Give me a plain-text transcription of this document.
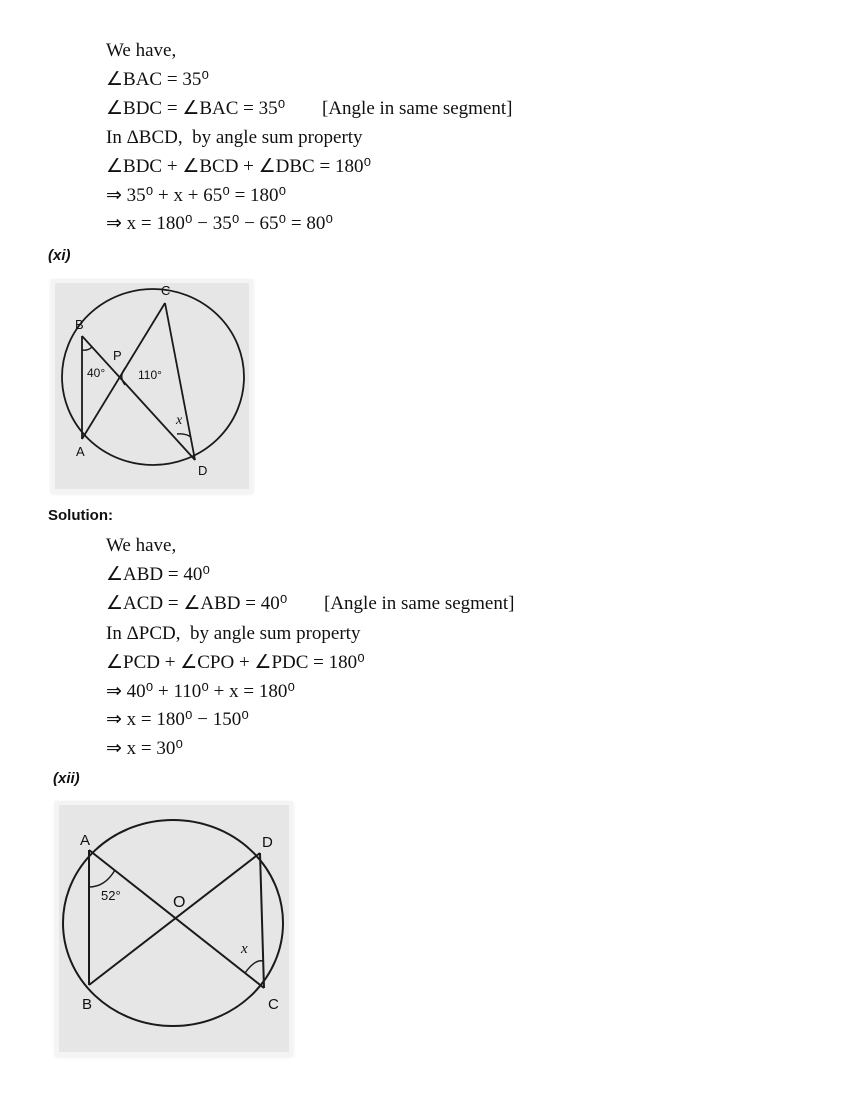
We have,
∠BAC = 35⁰
∠BDC = ∠BAC = 35⁰ [Angle in same segment]
In ΔBCD,  by angle sum property
∠BDC + ∠BCD + ∠DBC = 180⁰
⇒ 35⁰ + x + 65⁰ = 180⁰
⇒ x = 180⁰ − 35⁰ − 65⁰ = 80⁰
(xi)
C
B
P
40°	110°
x
A
D
Solution:
We have,
∠ABD = 40⁰
∠ACD = ∠ABD = 40⁰ [Angle in same segment]
In ΔPCD,  by angle sum property
∠PCD + ∠CPO + ∠PDC = 180⁰
⇒ 40⁰ + 110⁰ + x = 180⁰
⇒ x = 180⁰ − 150⁰
⇒ x = 30⁰
(xii)
A	D
52°	O
x
B	C
